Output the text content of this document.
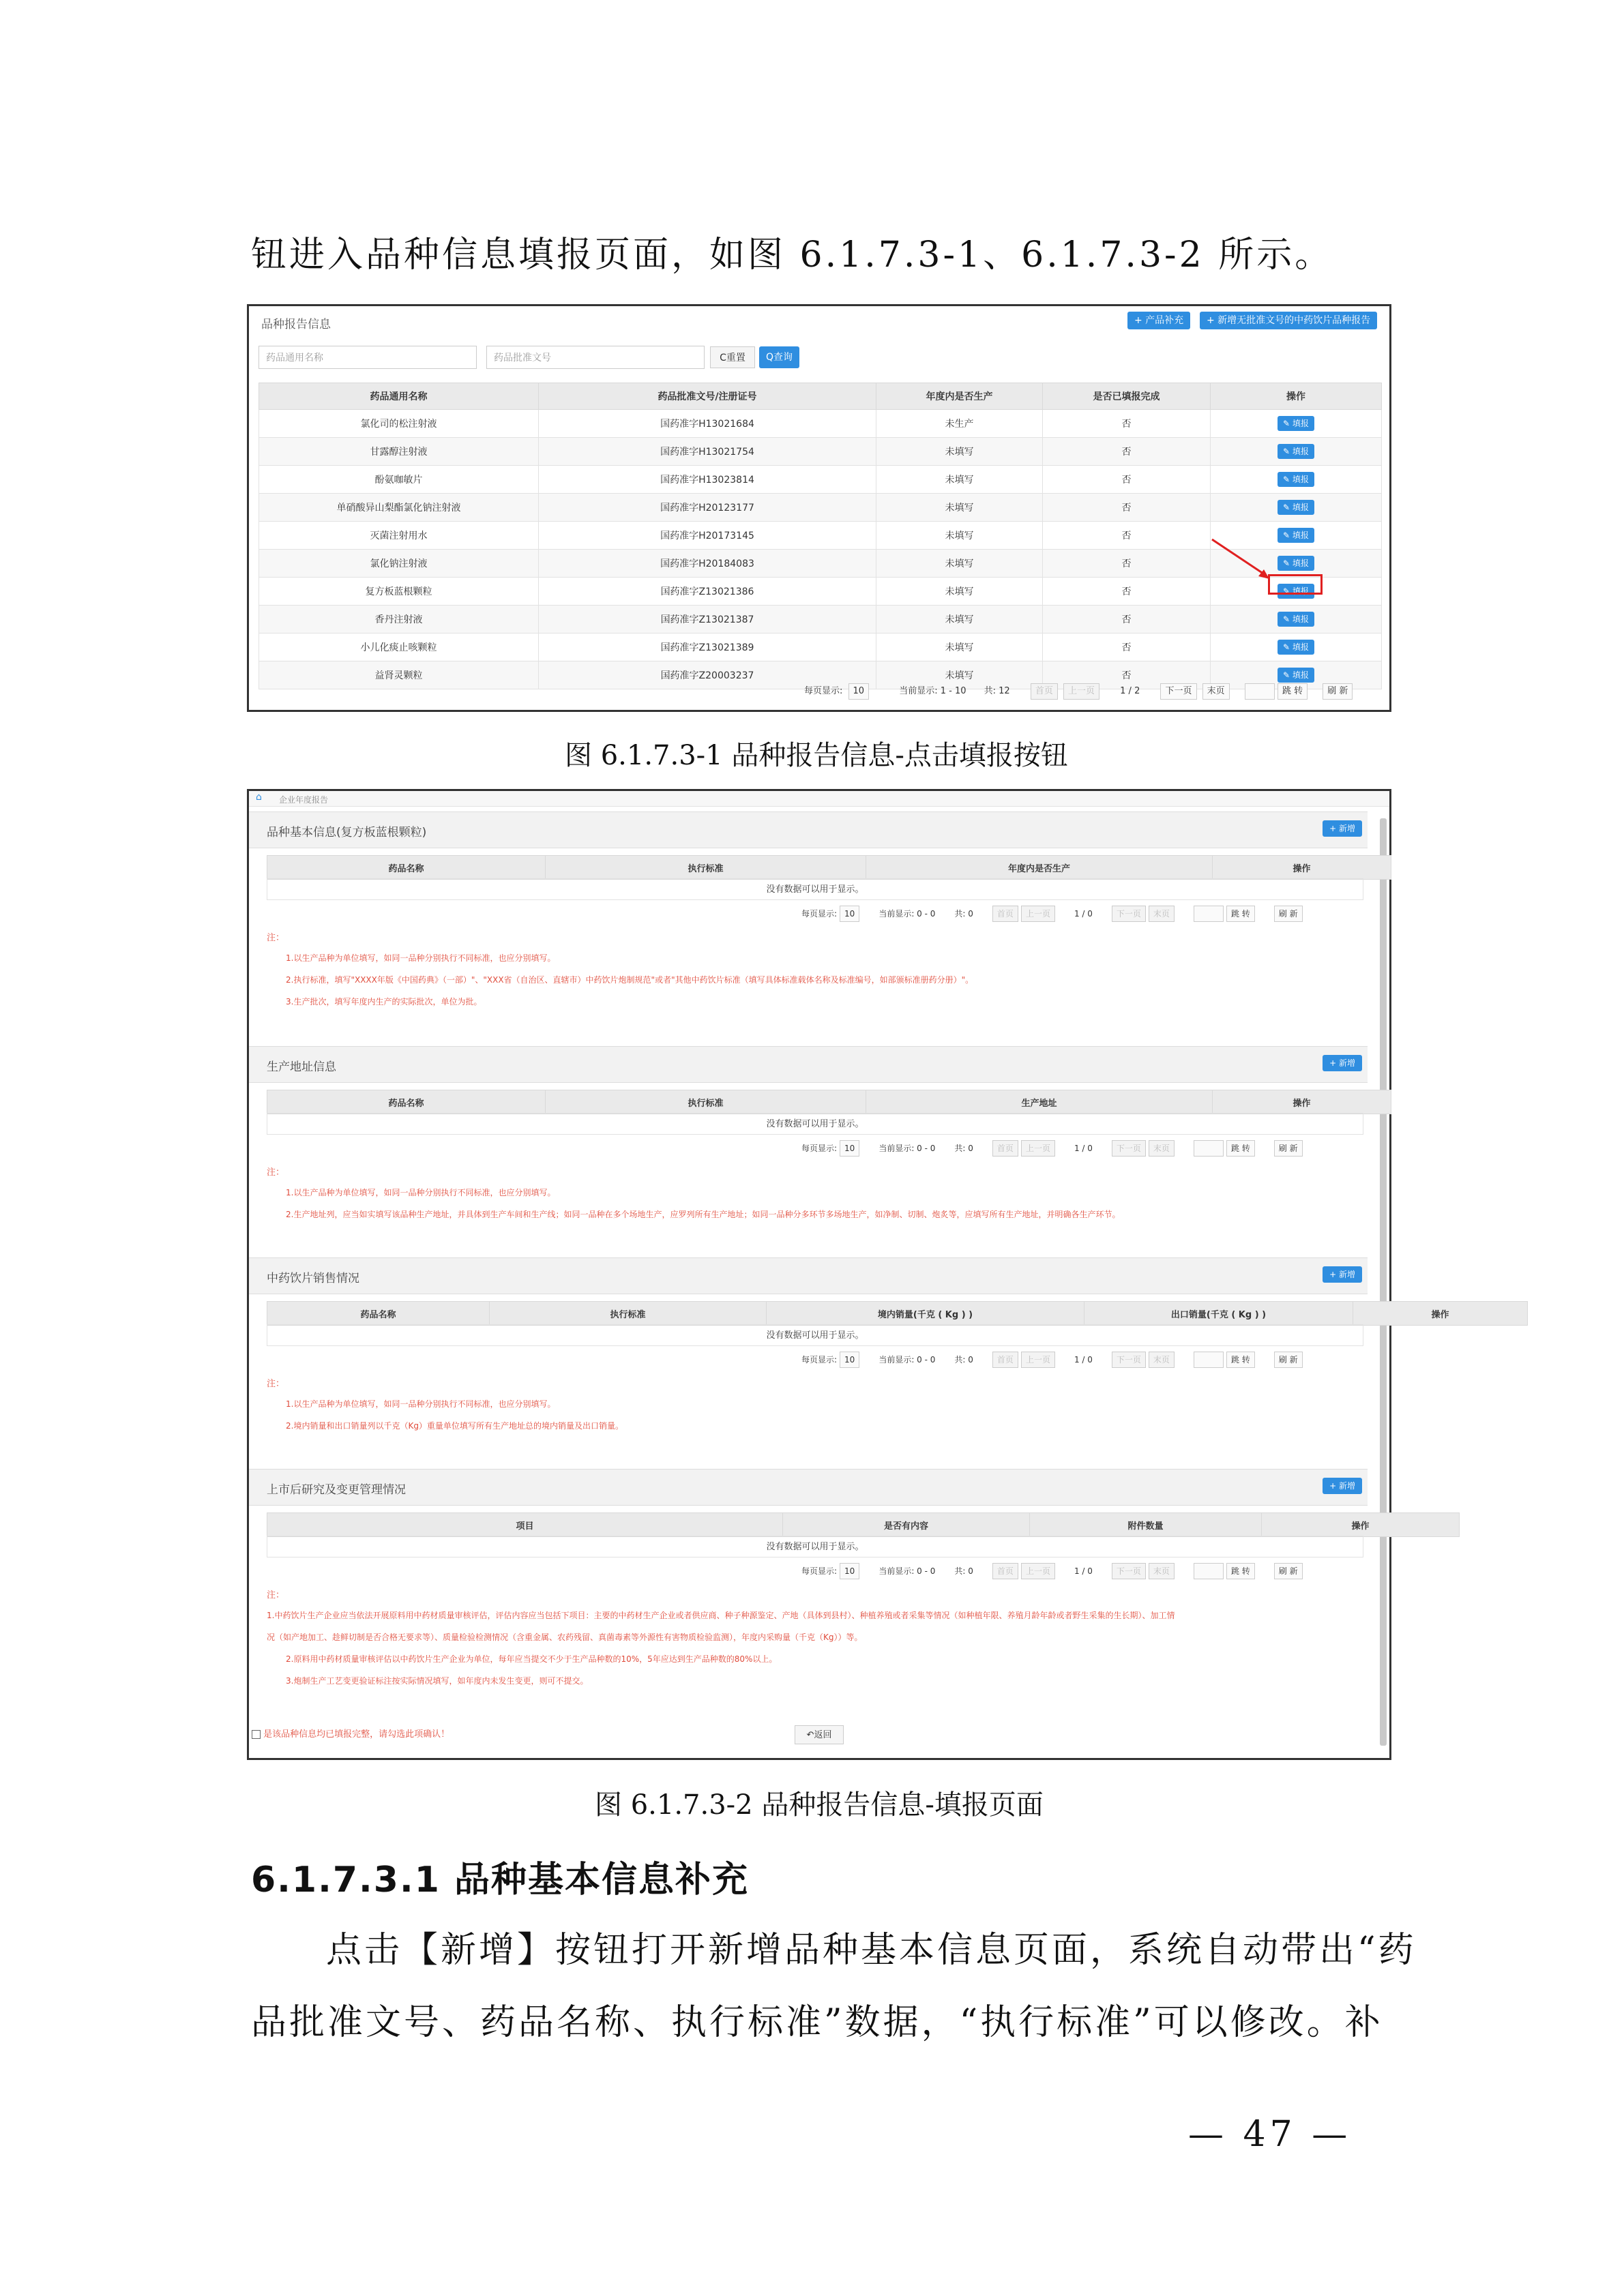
钮进入品种信息填报页面，如图 6.1.7.3-1、6.1.7.3-2 所示。
品种报告信息	+ 产品补充	+ 新增无批准文号的中药饮片品种报告
药品通用名称	药品批准文号	C重置	Q查询
药品通用名称	药品批准文号/注册证号	年度内是否生产	是否已填报完成	操作
氯化司的松注射液	国药准字H13021684	未生产	否	✎ 填报
甘露醇注射液	国药准字H13021754	未填写	否	✎ 填报
酚氨咖敏片	国药准字H13023814	未填写	否	✎ 填报
单硝酸异山梨酯氯化钠注射液	国药准字H20123177	未填写	否	✎ 填报
灭菌注射用水	国药准字H20173145	未填写	否	✎ 填报
氯化钠注射液	国药准字H20184083	未填写	否	✎ 填报
复方板蓝根颗粒	国药准字Z13021386	未填写	否	✎ 填报
香丹注射液	国药准字Z13021387	未填写	否	✎ 填报
小儿化痰止咳颗粒	国药准字Z13021389	未填写	否	✎ 填报
益肾灵颗粒	国药准字Z20003237	未填写	否	✎ 填报
每页显示: 10	当前显示: 1 - 10 共: 12	首页 上一页	1 / 2	下一页 末页	跳 转	刷 新
图 6.1.7.3-1 品种报告信息-点击填报按钮
⌂ 企业年度报告
品种基本信息(复方板蓝根颗粒)	+ 新增
药品名称	执行标准	年度内是否生产	操作
没有数据可以用于显示。
每页显示: 10	当前显示: 0 - 0 共: 0	首页 上一页	1 / 0	下一页 末页	跳 转	刷 新
注：
1.以生产品种为单位填写，如同一品种分别执行不同标准，也应分别填写。
2.执行标准，填写"XXXX年版《中国药典》（一部）"、"XXX省（自治区、直辖市）中药饮片炮制规范"或者"其他中药饮片标准（填写具体标准载体名称及标准编号，如部颁标准册药分册）"。
3.生产批次，填写年度内生产的实际批次，单位为批。
生产地址信息	+ 新增
药品名称	执行标准	生产地址	操作
没有数据可以用于显示。
每页显示: 10	当前显示: 0 - 0 共: 0	首页 上一页	1 / 0	下一页 末页	跳 转	刷 新
注：
1.以生产品种为单位填写，如同一品种分别执行不同标准，也应分别填写。
2.生产地址列，应当如实填写该品种生产地址，并具体到生产车间和生产线；如同一品种在多个场地生产，应罗列所有生产地址；如同一品种分多环节多场地生产，如净制、切制、炮炙等，应填写所有生产地址，并明确各生产环节。
中药饮片销售情况	+ 新增
药品名称	执行标准	境内销量(千克 ( Kg ) )	出口销量(千克 ( Kg ) )	操作
没有数据可以用于显示。
每页显示: 10	当前显示: 0 - 0 共: 0	首页 上一页	1 / 0	下一页 末页	跳 转	刷 新
注：
1.以生产品种为单位填写，如同一品种分别执行不同标准，也应分别填写。
2.境内销量和出口销量列以千克（Kg）重量单位填写所有生产地址总的境内销量及出口销量。
上市后研究及变更管理情况	+ 新增
项目	是否有内容	附件数量	操作
没有数据可以用于显示。
每页显示: 10	当前显示: 0 - 0 共: 0	首页 上一页	1 / 0	下一页 末页	跳 转	刷 新
注：
1.中药饮片生产企业应当依法开展原料用中药材质量审核评估，评估内容应当包括下项目：主要的中药材生产企业或者供应商、种子种源鉴定、产地（具体到县村）、种植养殖或者采集等情况（如种植年限、养殖月龄年龄或者野生采集的生长期）、加工情
况（如产地加工、趁鲜切制是否合格无要求等）、质量检验检测情况（含重金属、农药残留、真菌毒素等外源性有害物质检验监测），年度内采购量（千克（Kg））等。
2.原料用中药材质量审核评估以中药饮片生产企业为单位，每年应当提交不少于生产品种数的10%，5年应达到生产品种数的80%以上。
3.炮制生产工艺变更验证标注按实际情况填写，如年度内未发生变更，则可不提交。
是该品种信息均已填报完整，请勾选此项确认！	↶返回
图 6.1.7.3-2 品种报告信息-填报页面
6.1.7.3.1 品种基本信息补充
点击【新增】按钮打开新增品种基本信息页面，系统自动带出“药
品批准文号、药品名称、执行标准”数据，“执行标准”可以修改。补
— 47 —
